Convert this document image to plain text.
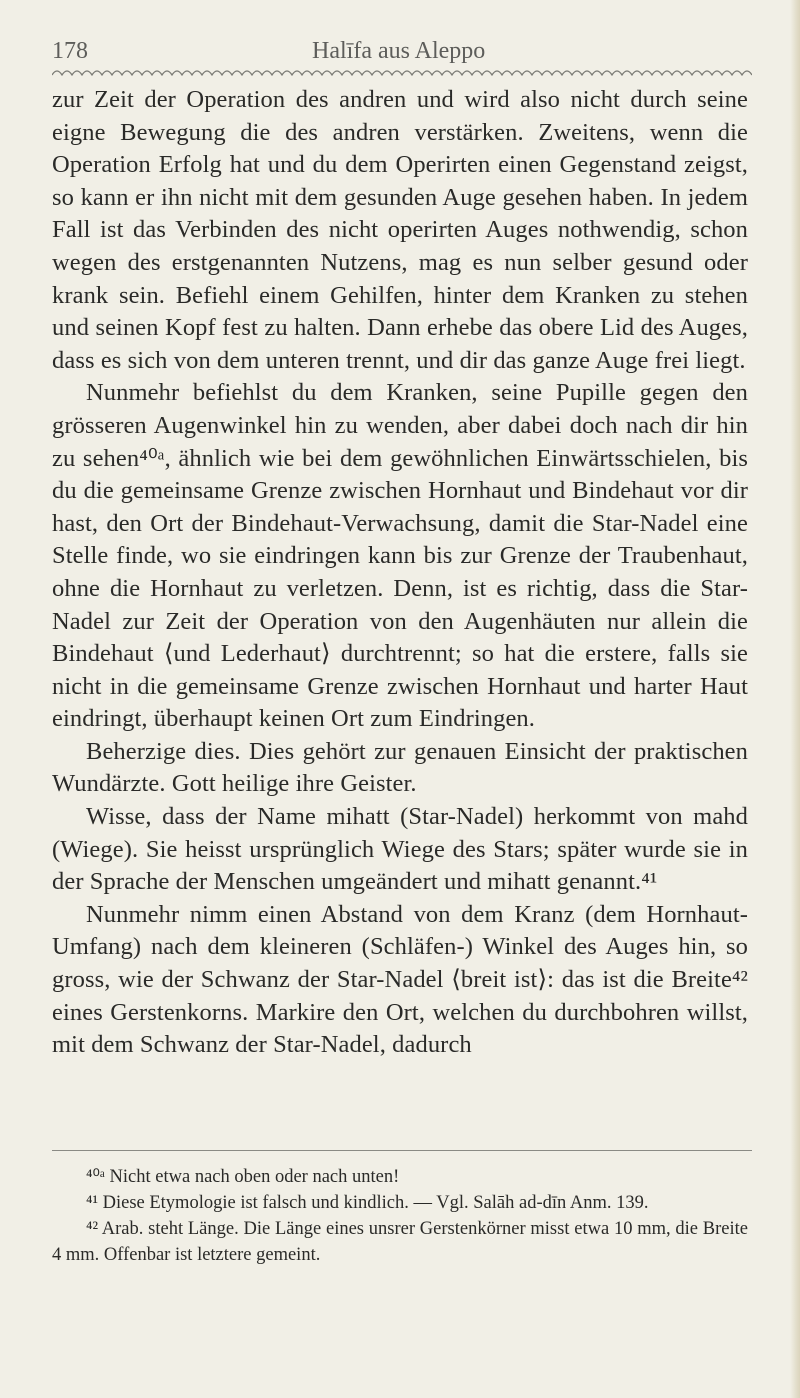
178	Halīfa aus Aleppo

zur Zeit der Operation des andren und wird also nicht durch seine eigne Bewegung die des andren verstärken. Zweitens, wenn die Operation Erfolg hat und du dem Operirten einen Gegenstand zeigst, so kann er ihn nicht mit dem gesunden Auge gesehen haben. In jedem Fall ist das Verbinden des nicht operirten Auges nothwendig, schon wegen des erstgenannten Nutzens, mag es nun selber gesund oder krank sein. Befiehl einem Gehilfen, hinter dem Kranken zu stehen und seinen Kopf fest zu halten. Dann erhebe das obere Lid des Auges, dass es sich von dem unteren trennt, und dir das ganze Auge frei liegt.

Nunmehr befiehlst du dem Kranken, seine Pupille gegen den grösseren Augenwinkel hin zu wenden, aber dabei doch nach dir hin zu sehen⁴⁰ᵃ, ähnlich wie bei dem gewöhnlichen Einwärtsschielen, bis du die gemeinsame Grenze zwischen Hornhaut und Bindehaut vor dir hast, den Ort der Bindehaut-Verwachsung, damit die Star-Nadel eine Stelle finde, wo sie eindringen kann bis zur Grenze der Traubenhaut, ohne die Hornhaut zu verletzen. Denn, ist es richtig, dass die Star-Nadel zur Zeit der Operation von den Augenhäuten nur allein die Bindehaut ⟨und Lederhaut⟩ durchtrennt; so hat die erstere, falls sie nicht in die gemeinsame Grenze zwischen Hornhaut und harter Haut eindringt, überhaupt keinen Ort zum Eindringen.

Beherzige dies. Dies gehört zur genauen Einsicht der praktischen Wundärzte. Gott heilige ihre Geister.

Wisse, dass der Name mihatt (Star-Nadel) herkommt von mahd (Wiege). Sie heisst ursprünglich Wiege des Stars; später wurde sie in der Sprache der Menschen umgeändert und mihatt genannt.⁴¹

Nunmehr nimm einen Abstand von dem Kranz (dem Hornhaut-Umfang) nach dem kleineren (Schläfen-) Winkel des Auges hin, so gross, wie der Schwanz der Star-Nadel ⟨breit ist⟩: das ist die Breite⁴² eines Gerstenkorns. Markire den Ort, welchen du durchbohren willst, mit dem Schwanz der Star-Nadel, dadurch

⁴⁰ᵃ Nicht etwa nach oben oder nach unten!

⁴¹ Diese Etymologie ist falsch und kindlich. — Vgl. Salāh ad-dīn Anm. 139.

⁴² Arab. steht Länge. Die Länge eines unsrer Gerstenkörner misst etwa 10 mm, die Breite 4 mm. Offenbar ist letztere gemeint.
